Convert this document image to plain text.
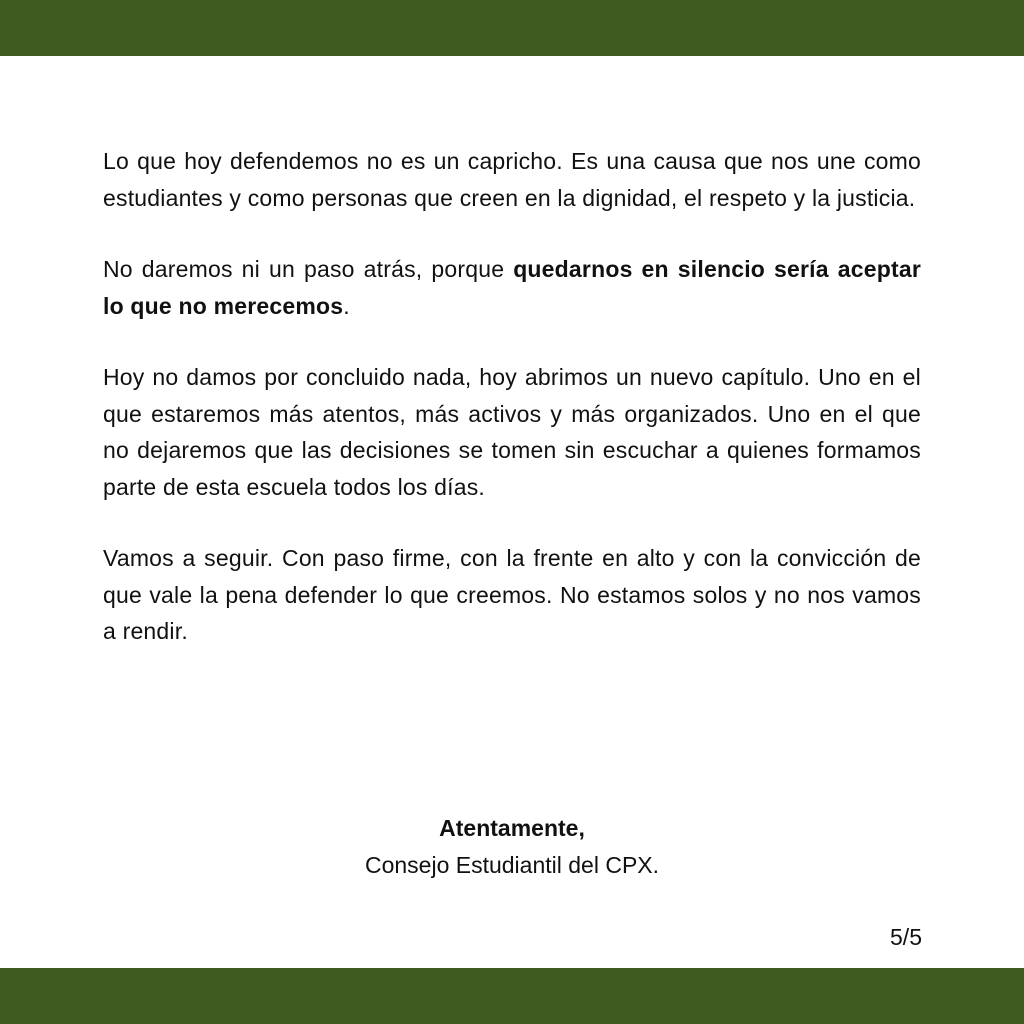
Lo que hoy defendemos no es un capricho. Es una causa que nos une como estudiantes y como personas que creen en la dignidad, el respeto y la justicia.

No daremos ni un paso atrás, porque quedarnos en silencio sería aceptar lo que no merecemos.

Hoy no damos por concluido nada, hoy abrimos un nuevo capítulo. Uno en el que estaremos más atentos, más activos y más organizados. Uno en el que no dejaremos que las decisiones se tomen sin escuchar a quienes formamos parte de esta escuela todos los días.

Vamos a seguir. Con paso firme, con la frente en alto y con la convicción de que vale la pena defender lo que creemos. No estamos solos y no nos vamos a rendir.

Atentamente,
Consejo Estudiantil del CPX.
5/5
